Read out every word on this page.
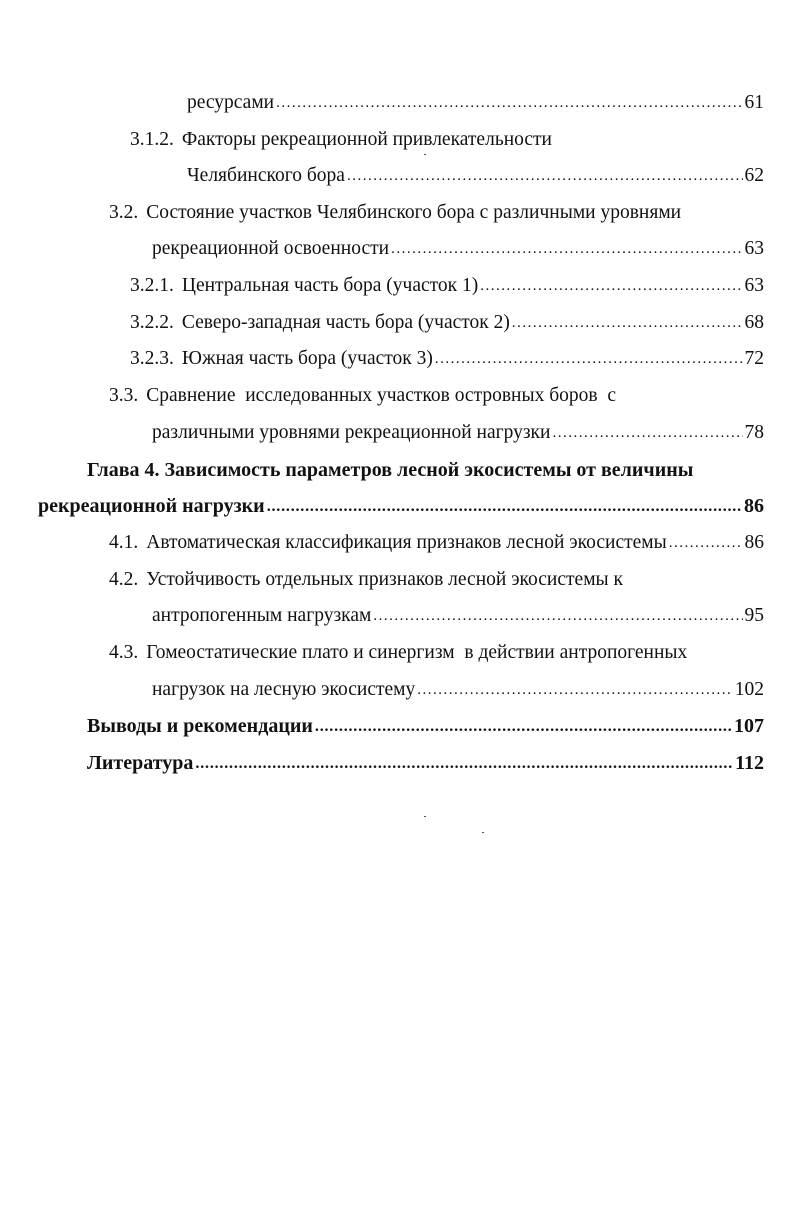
ресурсами .....	61
3.1.2. Факторы рекреационной привлекательности
Челябинского бора .....	62
3.2. Состояние участков Челябинского бора с различными уровнями
рекреационной освоенности .....	63
3.2.1. Центральная часть бора (участок 1) .....	63
3.2.2. Северо-западная часть бора (участок 2) .....	68
3.2.3. Южная часть бора (участок 3) .....	72
3.3. Сравнение  исследованных участков островных боров  с
различными уровнями рекреационной нагрузки .....	78
Глава 4. Зависимость параметров лесной экосистемы от величины
рекреационной нагрузки .....	86
4.1. Автоматическая классификация признаков лесной экосистемы .....	86
4.2. Устойчивость отдельных признаков лесной экосистемы к
антропогенным нагрузкам .....	95
4.3. Гомеостатические плато и синергизм  в действии антропогенных
нагрузок на лесную экосистему .....	102
Выводы и рекомендации .....	107
Литература .....	112
